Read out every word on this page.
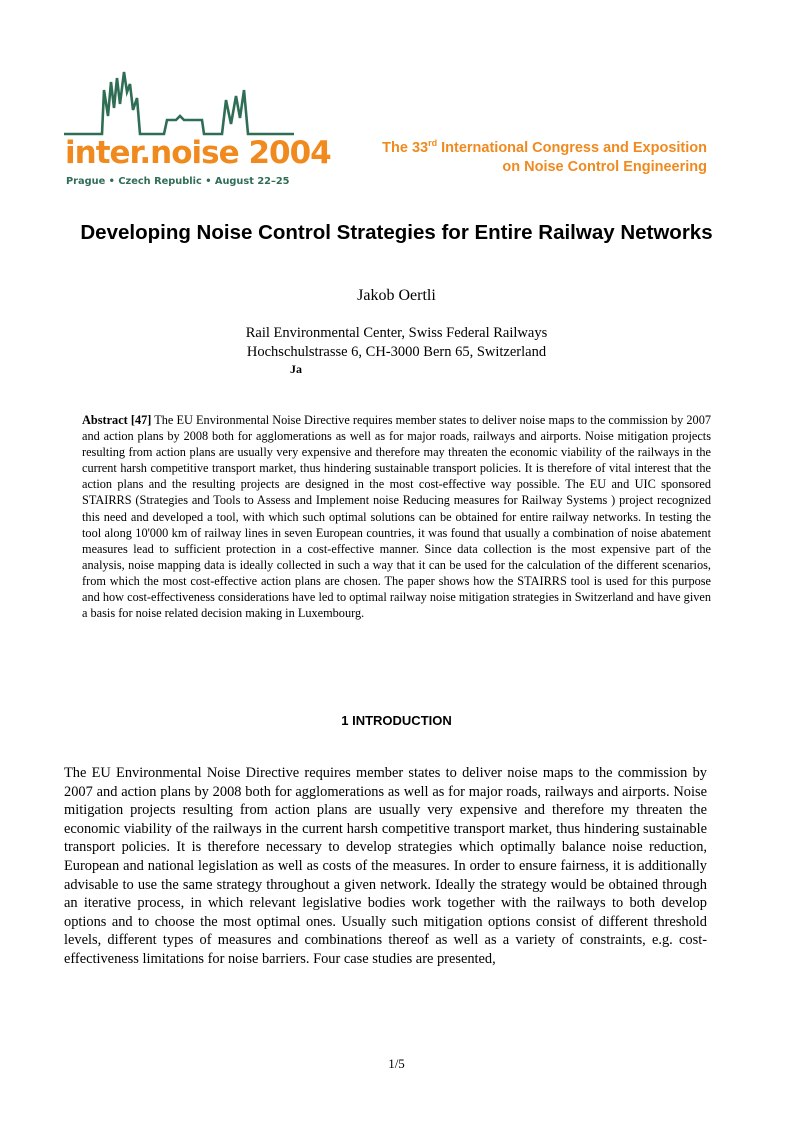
inter.noise 2004
Prague • Czech Republic • August 22–25
The 33rd International Congress and Exposition
on Noise Control Engineering
Developing Noise Control Strategies for Entire Railway Networks
Jakob Oertli
Rail Environmental Center, Swiss Federal Railways
Hochschulstrasse 6, CH-3000 Bern 65, Switzerland
Ja
Abstract [47] The EU Environmental Noise Directive requires member states to deliver noise maps to the commission by 2007 and action plans by 2008 both for agglomerations as well as for major roads, railways and airports. Noise mitigation projects resulting from action plans are usually very expensive and therefore may threaten the economic viability of the railways in the current harsh competitive transport market, thus hindering sustainable transport policies. It is therefore of vital interest that the action plans and the resulting projects are designed in the most cost-effective way possible. The EU and UIC sponsored STAIRRS (Strategies and Tools to Assess and Implement noise Reducing measures for Railway Systems ) project recognized this need and developed a tool, with which such optimal solutions can be obtained for entire railway networks. In testing the tool along 10'000 km of railway lines in seven European countries, it was found that usually a combination of noise abatement measures lead to sufficient protection in a cost-effective manner. Since data collection is the most expensive part of the analysis, noise mapping data is ideally collected in such a way that it can be used for the calculation of the different scenarios, from which the most cost-effective action plans are chosen. The paper shows how the STAIRRS tool is used for this purpose and how cost-effectiveness considerations have led to optimal railway noise mitigation strategies in Switzerland and have given a basis for noise related decision making in Luxembourg.
1 INTRODUCTION
The EU Environmental Noise Directive requires member states to deliver noise maps to the commission by 2007 and action plans by 2008 both for agglomerations as well as for major roads, railways and airports. Noise mitigation projects resulting from action plans are usually very expensive and therefore my threaten the economic viability of the railways in the current harsh competitive transport market, thus hindering sustainable transport policies. It is therefore necessary to develop strategies which optimally balance noise reduction, European and national legislation as well as costs of the measures. In order to ensure fairness, it is additionally advisable to use the same strategy throughout a given network. Ideally the strategy would be obtained through an iterative process, in which relevant legislative bodies work together with the railways to both develop options and to choose the most optimal ones. Usually such mitigation options consist of different threshold levels, different types of measures and combinations thereof as well as a variety of constraints, e.g. cost-effectiveness limitations for noise barriers. Four case studies are presented,
1/5
